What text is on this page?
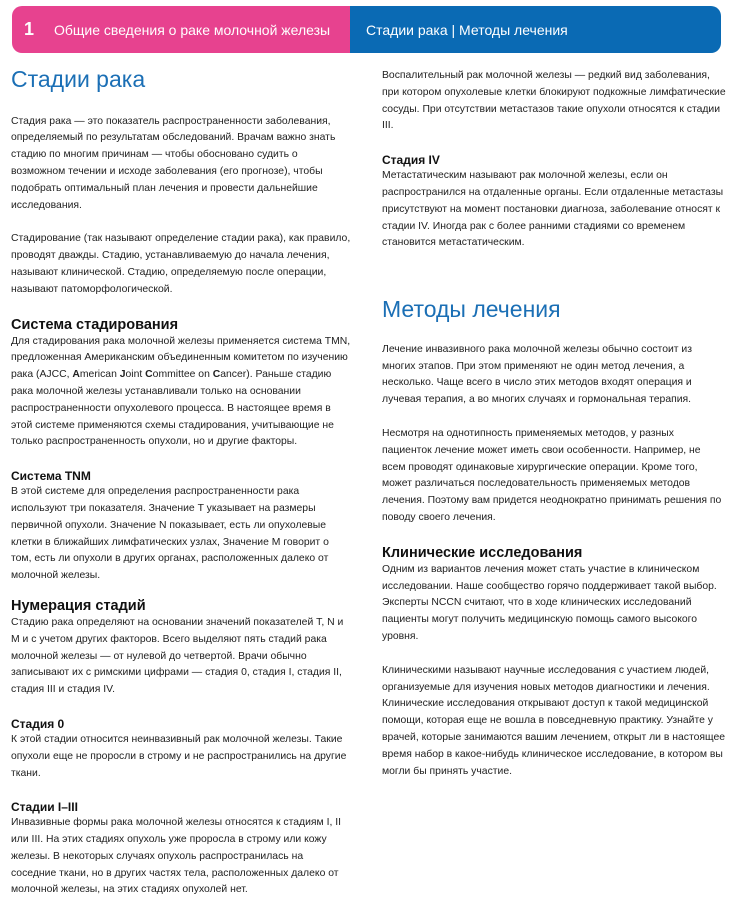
1	Общие сведения о раке молочной железы	Стадии рака | Методы лечения
Стадии рака

Стадия рака — это показатель распространенности заболевания, определяемый по результатам обследований. Врачам важно знать стадию по многим причинам — чтобы обосновано судить о возможном течении и исходе заболевания (его прогнозе), чтобы подобрать оптимальный план лечения и провести дальнейшие исследования.

Стадирование (так называют определение стадии рака), как правило, проводят дважды. Стадию, устанавливаемую до начала лечения, называют клинической. Стадию, определяемую после операции, называют патоморфологической.

Система стадирования

Для стадирования рака молочной железы применяется система TMN, предложенная Американским объединенным комитетом по изучению рака (AJCC, American Joint Committee on Cancer). Раньше стадию рака молочной железы устанавливали только на основании распространенности опухолевого процесса. В настоящее время в этой системе применяются схемы стадирования, учитывающие не только распространенность опухоли, но и другие факторы.

Система TNM

В этой системе для определения распространенности рака используют три показателя. Значение T указывает на размеры первичной опухоли. Значение N показывает, есть ли опухолевые клетки в ближайших лимфатических узлах, Значение M говорит о том, есть ли опухоли в других органах, расположенных далеко от молочной железы.

Нумерация стадий

Стадию рака определяют на основании значений показателей T, N и M и с учетом других факторов. Всего выделяют пять стадий рака молочной железы — от нулевой до четвертой. Врачи обычно записывают их с римскими цифрами — стадия 0, стадия I, стадия II, стадия III и стадия IV.

Стадия 0

К этой стадии относится неинвазивный рак молочной железы. Такие опухоли еще не проросли в строму и не распространились на другие ткани.

Стадии I–III

Инвазивные формы рака молочной железы относятся к стадиям I, II или III. На этих стадиях опухоль уже проросла в строму или кожу железы. В некоторых случаях опухоль распространилась на соседние ткани, но в других частях тела, расположенных далеко от молочной железы, на этих стадиях опухолей нет.

Воспалительный рак молочной железы — редкий вид заболевания, при котором опухолевые клетки блокируют подкожные лимфатические сосуды. При отсутствии метастазов такие опухоли относятся к стадии III.

Стадия IV

Метастатическим называют рак молочной железы, если он распространился на отдаленные органы. Если отдаленные метастазы присутствуют на момент постановки диагноза, заболевание относят к стадии IV. Иногда рак с более ранними стадиями со временем становится метастатическим.

Методы лечения

Лечение инвазивного рака молочной железы обычно состоит из многих этапов. При этом применяют не один метод лечения, а несколько. Чаще всего в число этих методов входят операция и лучевая терапия, а во многих случаях и гормональная терапия.

Несмотря на однотипность применяемых методов, у разных пациенток лечение может иметь свои особенности. Например, не всем проводят одинаковые хирургические операции. Кроме того, может различаться последовательность применяемых методов лечения. Поэтому вам придется неоднократно принимать решения по поводу своего лечения.

Клинические исследования

Одним из вариантов лечения может стать участие в клиническом исследовании. Наше сообщество горячо поддерживает такой выбор. Эксперты NCCN считают, что в ходе клинических исследований пациенты могут получить медицинскую помощь самого высокого уровня.

Клиническими называют научные исследования с участием людей, организуемые для изучения новых методов диагностики и лечения. Клинические исследования открывают доступ к такой медицинской помощи, которая еще не вошла в повседневную практику. Узнайте у врачей, которые занимаются вашим лечением, открыт ли в настоящее время набор в какое-нибудь клиническое исследование, в котором вы могли бы принять участие.
